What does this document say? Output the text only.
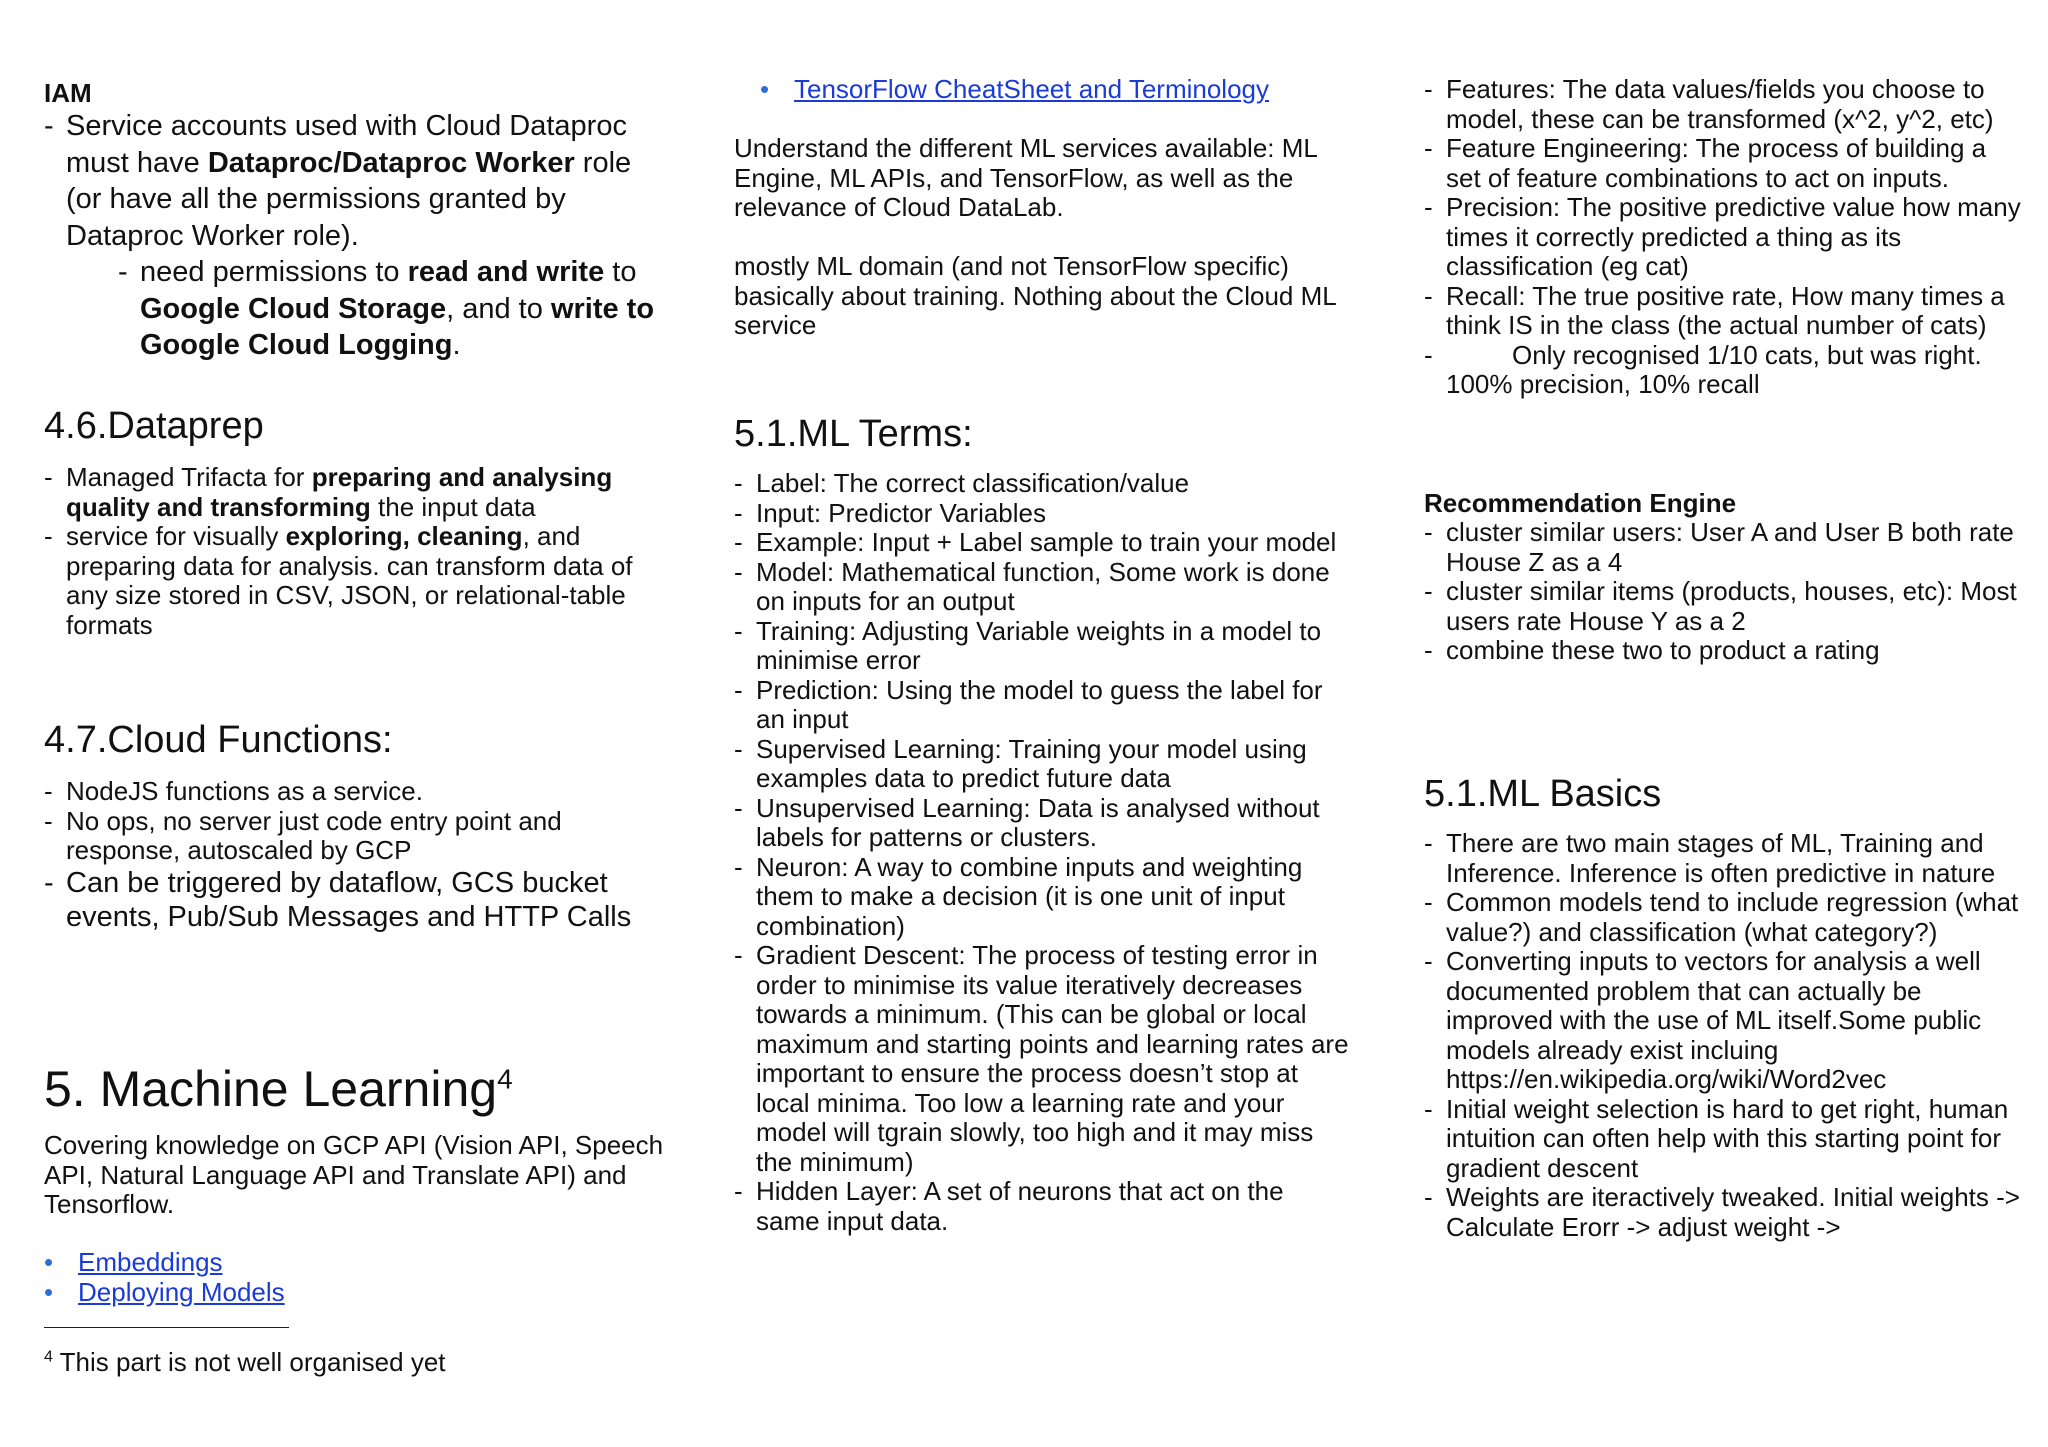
IAM
- Service accounts used with Cloud Dataproc must have Dataproc/Dataproc Worker role (or have all the permissions granted by Dataproc Worker role).
- need permissions to read and write to Google Cloud Storage, and to write to Google Cloud Logging.
4.6.Dataprep
- Managed Trifacta for preparing and analysing quality and transforming the input data
- service for visually exploring, cleaning, and preparing data for analysis. can transform data of any size stored in CSV, JSON, or relational-table formats
4.7.Cloud Functions:
- NodeJS functions as a service.
- No ops, no server just code entry point and response, autoscaled by GCP
- Can be triggered by dataflow, GCS bucket events, Pub/Sub Messages and HTTP Calls
5. Machine Learning$^4$

Covering knowledge on GCP API (Vision API, Speech API, Natural Language API and Translate API) and Tensorflow.

• Embeddings
• Deploying Models

$^4$ This part is not well organised yet

• TensorFlow CheatSheet and Terminology

Understand the different ML services available: ML Engine, ML APIs, and TensorFlow, as well as the relevance of Cloud DataLab.

mostly ML domain (and not TensorFlow specific) basically about training. Nothing about the Cloud ML service

5.1.ML Terms:
- Label: The correct classification/value
- Input: Predictor Variables
- Example: Input + Label sample to train your model
- Model: Mathematical function, Some work is done on inputs for an output
- Training: Adjusting Variable weights in a model to minimise error
- Prediction: Using the model to guess the label for an input
- Supervised Learning: Training your model using examples data to predict future data
- Unsupervised Learning: Data is analysed without labels for patterns or clusters.
- Neuron: A way to combine inputs and weighting them to make a decision (it is one unit of input combination)
- Gradient Descent: The process of testing error in order to minimise its value iteratively decreases towards a minimum. (This can be global or local maximum and starting points and learning rates are important to ensure the process doesn’t stop at local minima. Too low a learning rate and your model will tgrain slowly, too high and it may miss the minimum)
- Hidden Layer: A set of neurons that act on the same input data.
- Features: The data values/fields you choose to model, these can be transformed (x^2, y^2, etc)
- Feature Engineering: The process of building a set of feature combinations to act on inputs.
- Precision: The positive predictive value how many times it correctly predicted a thing as its classification (eg cat)
- Recall: The true positive rate, How many times a think IS in the class (the actual number of cats)
- Only recognised 1/10 cats, but was right. 100% precision, 10% recall
Recommendation Engine
- cluster similar users: User A and User B both rate House Z as a 4
- cluster similar items (products, houses, etc): Most users rate House Y as a 2
- combine these two to product a rating
5.1.ML Basics
- There are two main stages of ML, Training and Inference. Inference is often predictive in nature
- Common models tend to include regression (what value?) and classification (what category?)
- Converting inputs to vectors for analysis a well documented problem that can actually be improved with the use of ML itself.Some public models already exist incluing https://en.wikipedia.org/wiki/Word2vec
- Initial weight selection is hard to get right, human intuition can often help with this starting point for gradient descent
- Weights are iteractively tweaked. Initial weights -> Calculate Erorr -> adjust weight ->
